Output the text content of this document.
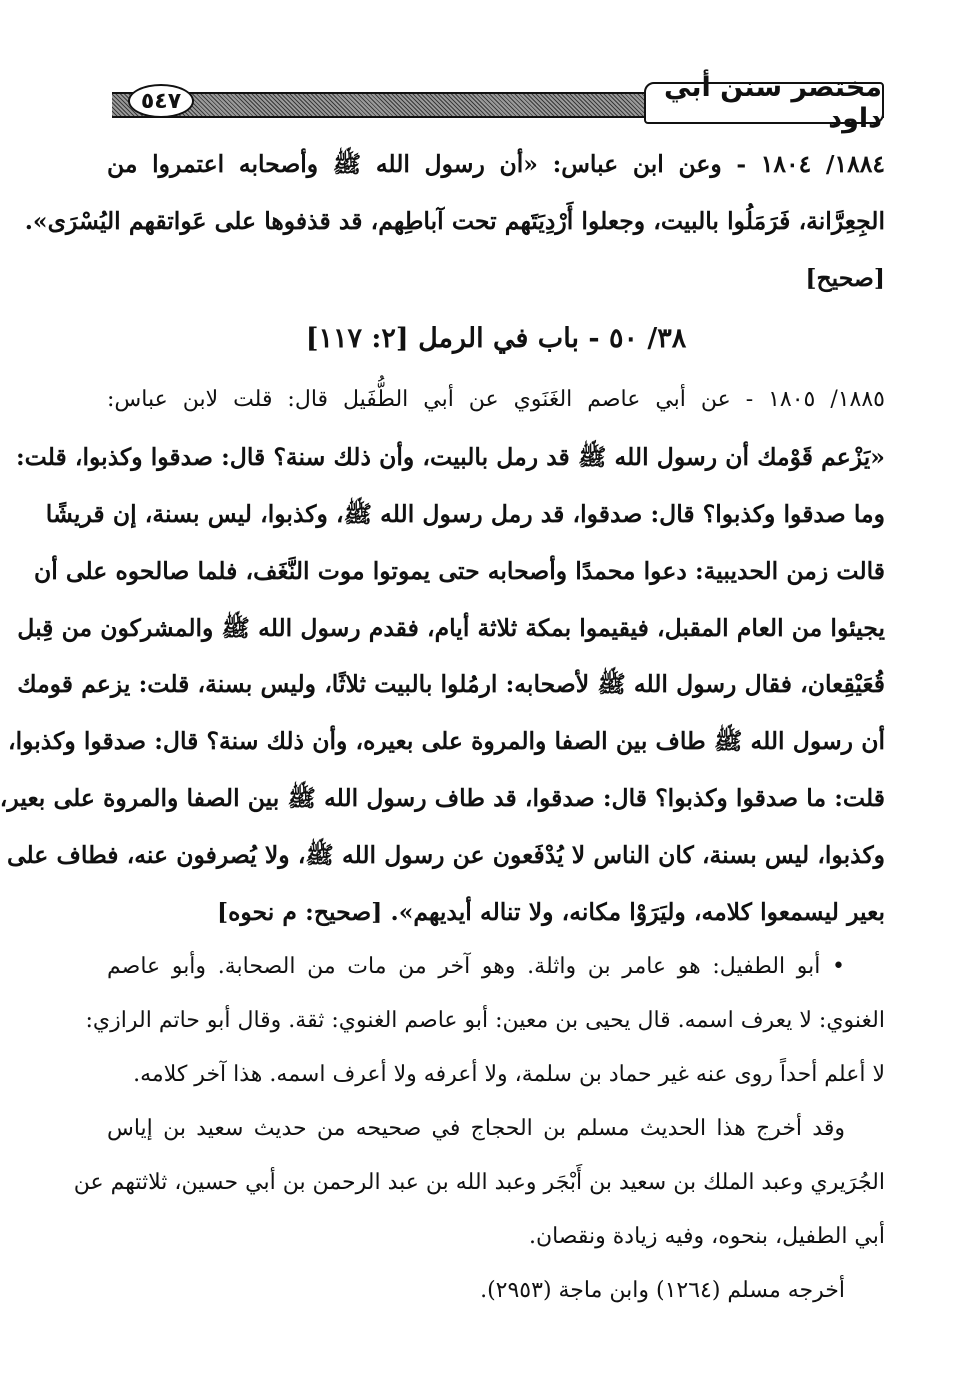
مختصر سنن أبي داود
٥٤٧
١٨٨٤/ ١٨٠٤ - وعن ابن عباس: «أن رسول الله ﷺ وأصحابه اعتمروا من
الجِعِرَّانة، فَرَمَلُوا بالبيت، وجعلوا أَرْدِيَتَهم تحت آباطِهم، قد قذفوها على عَواتقهم اليُسْرَى».
[صحيح]
٣٨/ ٥٠ - باب في الرمل [٢: ١١٧]
١٨٨٥/ ١٨٠٥ - عن أبي عاصم الغَنَوي عن أبي الطُّفَيل قال: قلت لابن عباس:
«يَزْعم قَوْمك أن رسول الله ﷺ قد رمل بالبيت، وأن ذلك سنة؟ قال: صدقوا وكذبوا، قلت:
وما صدقوا وكذبوا؟ قال: صدقوا، قد رمل رسول الله ﷺ، وكذبوا، ليس بسنة، إن قريشًا
قالت زمن الحديبية: دعوا محمدًا وأصحابه حتى يموتوا موت النَّغَف، فلما صالحوه على أن
يجيئوا من العام المقبل، فيقيموا بمكة ثلاثة أيام، فقدم رسول الله ﷺ والمشركون من قِبل
قُعَيْقِعان، فقال رسول الله ﷺ لأصحابه: ارمُلوا بالبيت ثلاثًا، وليس بسنة، قلت: يزعم قومك
أن رسول الله ﷺ طاف بين الصفا والمروة على بعيره، وأن ذلك سنة؟ قال: صدقوا وكذبوا،
قلت: ما صدقوا وكذبوا؟ قال: صدقوا، قد طاف رسول الله ﷺ بين الصفا والمروة على بعير،
وكذبوا، ليس بسنة، كان الناس لا يُدْفَعون عن رسول الله ﷺ، ولا يُصرفون عنه، فطاف على
بعير ليسمعوا كلامه، وليَرَوْا مكانه، ولا تناله أيديهم». [صحيح: م نحوه]
• أبو الطفيل: هو عامر بن واثلة. وهو آخر من مات من الصحابة. وأبو عاصم
الغنوي: لا يعرف اسمه. قال يحيى بن معين: أبو عاصم الغنوي: ثقة. وقال أبو حاتم الرازي:
لا أعلم أحداً روى عنه غير حماد بن سلمة، ولا أعرفه ولا أعرف اسمه. هذا آخر كلامه.
وقد أخرج هذا الحديث مسلم بن الحجاج في صحيحه من حديث سعيد بن إياس
الجُرَيري وعبد الملك بن سعيد بن أَبْجَر وعبد الله بن عبد الرحمن بن أبي حسين، ثلاثتهم عن
أبي الطفيل، بنحوه، وفيه زيادة ونقصان.
أخرجه مسلم (١٢٦٤) وابن ماجة (٢٩٥٣).
